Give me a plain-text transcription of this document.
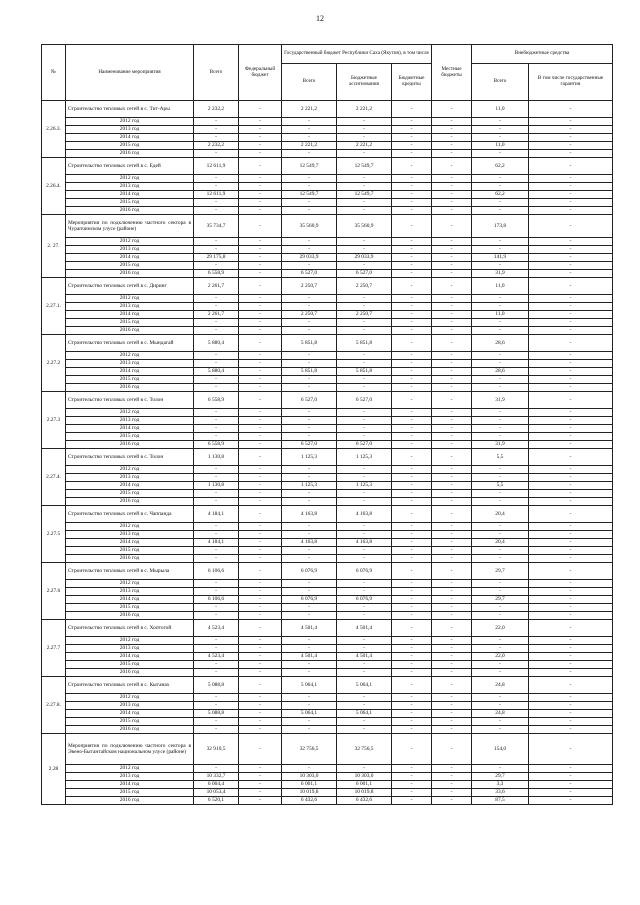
12
№	Наименование мероприятия	Всего	Федеральный бюджет	Государственный бюджет Республики Саха (Якутия), в том числе			Местные бюджеты	Внебюджетные средства	
				Всего	Бюджетные ассигнования	Бюджетные кредиты		Всего	В том числе государственные гарантии
2.26.3.	Строительство тепловых сетей в с. Тит-Ары	2 232,2	-	2 221,2	2 221,2	-	-	11,0	-
	2012 год	-	-	-	-	-	-	-	-
	2013 год	-	-	-	-	-	-	-	-
	2014 год	-	-	-	-	-	-	-	-
	2015 год	2 232,2	-	2 221,2	2 221,2	-	-	11,0	-
	2016 год	-	-	-	-	-	-	-	-
2.26.4.	Строительство тепловых сетей в с. Едей	12 611,9	-	12 549,7	12 549,7	-	-	62,2	-
	2012 год	-	-	-	-	-	-	-	-
	2013 год	-	-	-	-	-	-	-	-
	2014 год	12 611,9	-	12 549,7	12 549,7	-	-	62,2	-
	2015 год	-	-	-	-	-	-	-	-
	2016 год	-	-	-	-	-	-	-	-
2. 27.	Мероприятия по подключению частного сектора в Чурапчинском улусе (районе)	35 734,7	-	35 560,9	35 560,9	-	-	173,8	-
	2012 год	-	-	-	-	-	-	-	-
	2013 год	-	-	-	-	-	-	-	-
	2014 год	29 175,8	-	29 033,9	29 033,9	-	-	141,9	-
	2015 год	-	-	-	-	-	-	-	-
	2016 год	6 558,9	-	6 527,0	6 527,0	-	-	31,9	-
2.27.1.	Строительство тепловых сетей в с. Диринг	2 261,7	-	2 250,7	2 250,7	-	-	11,0	-
	2012 год	-	-	-	-	-	-	-	-
	2013 год	-	-	-	-	-	-	-	-
	2014 год	2 261,7	-	2 250,7	2 250,7	-	-	11,0	-
	2015 год	-	-	-	-	-	-	-	-
	2016 год	-	-	-	-	-	-	-	-
2.27.2	Строительство тепловых сетей в с. Мындагай	5 880,4	-	5 851,8	5 851,8	-	-	28,6	-
	2012 год	-	-	-	-	-	-	-	-
	2013 год	-	-	-	-	-	-	-	-
	2014 год	5 880,4	-	5 851,8	5 851,8	-	-	28,6	-
	2015 год	-	-	-	-	-	-	-	-
	2016 год	-	-	-	-	-	-	-	-
2.27.3	Строительство тепловых сетей в с. Толон	6 558,9	-	6 527,0	6 527,0	-	-	31,9	-
	2012 год	-	-	-	-	-	-	-	-
	2013 год	-	-	-	-	-	-	-	-
	2014 год	-	-	-	-	-	-	-	-
	2015 год	-	-	-	-	-	-	-	-
	2016 год	6 558,9	-	6 527,0	6 527,0	-	-	31,9	-
2.27.4.	Строительство тепловых сетей в с. Толон	1 130,8	-	1 125,3	1 125,3	-	-	5,5	-
	2012 год	-	-	-	-	-	-	-	-
	2013 год	-	-	-	-	-	-	-	-
	2014 год	1 130,8	-	1 125,3	1 125,3	-	-	5,5	-
	2015 год	-	-	-	-	-	-	-	-
	2016 год	-	-	-	-	-	-	-	-
2.27.5	Строительство тепловых сетей в с. Чаппанда	4 184,1	-	4 163,8	4 163,8	-	-	20,4	-
	2012 год	-	-	-	-	-	-	-	-
	2013 год	-	-	-	-	-	-	-	-
	2014 год	4 184,1	-	4 163,8	4 163,8	-	-	20,4	-
	2015 год	-	-	-	-	-	-	-	-
	2016 год	-	-	-	-	-	-	-	-
2.27.6	Строительство тепловых сетей в с. Мырыла	6 106,6	-	6 076,9	6 076,9	-	-	29,7	-
	2012 год	-	-	-	-	-	-	-	-
	2013 год	-	-	-	-	-	-	-	-
	2014 год	6 106,6	-	6 076,9	6 076,9	-	-	29,7	-
	2015 год	-	-	-	-	-	-	-	-
	2016 год	-	-	-	-	-	-	-	-
2.27.7	Строительство тепловых сетей в с. Хоптогой	4 523,4	-	4 501,4	4 501,4	-	-	22,0	-
	2012 год	-	-	-	-	-	-	-	-
	2013 год	-	-	-	-	-	-	-	-
	2014 год	4 523,4	-	4 501,4	4 501,4	-	-	22,0	-
	2015 год	-	-	-	-	-	-	-	-
	2016 год	-	-	-	-	-	-	-	-
2.27.8.	Строительство тепловых сетей в с. Кытанах	5 088,8	-	5 064,1	5 064,1	-	-	24,8	-
	2012 год	-	-	-	-	-	-	-	-
	2013 год	-	-	-	-	-	-	-	-
	2014 год	5 088,8	-	5 064,1	5 064,1	-	-	24,8	-
	2015 год	-	-	-	-	-	-	-	-
	2016 год	-	-	-	-	-	-	-	-
2.28	Мероприятия по подключению частного сектора в Эвено-Бытантайском национальном улусе (районе)	32 910,5	-	32 756,5	32 756,5	-	-	154,0	-
	2012 год	-	-	-	-	-	-	-	-
	2013 год	10 332,7	-	10 303,0	10 303,0	-	-	29,7	-
	2014 год	6 004,4	-	6 001,1	6 001,1	-	-	3,3	-
	2015 год	10 053,4	-	10 019,8	10 019,8	-	-	33,6	-
	2016 год	6 520,1	-	6 432,6	6 432,6	-	-	87,5	-
